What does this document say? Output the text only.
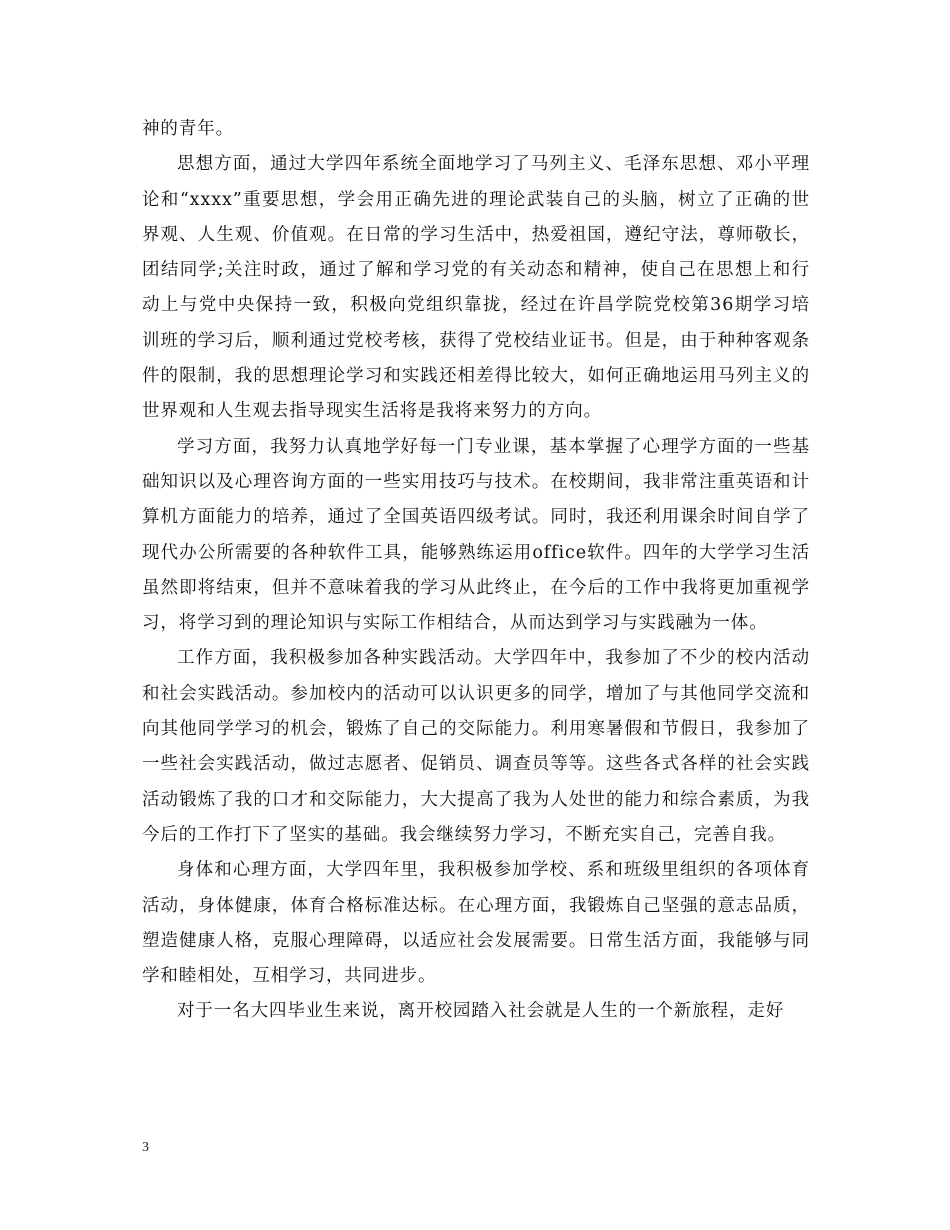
神的青年。

思想方面，通过大学四年系统全面地学习了马列主义、毛泽东思想、邓小平理论和“xxxx”重要思想，学会用正确先进的理论武装自己的头脑，树立了正确的世界观、人生观、价值观。在日常的学习生活中，热爱祖国，遵纪守法，尊师敬长，团结同学;关注时政，通过了解和学习党的有关动态和精神，使自己在思想上和行动上与党中央保持一致，积极向党组织靠拢，经过在许昌学院党校第36期学习培训班的学习后，顺利通过党校考核，获得了党校结业证书。但是，由于种种客观条件的限制，我的思想理论学习和实践还相差得比较大，如何正确地运用马列主义的世界观和人生观去指导现实生活将是我将来努力的方向。

学习方面，我努力认真地学好每一门专业课，基本掌握了心理学方面的一些基础知识以及心理咨询方面的一些实用技巧与技术。在校期间，我非常注重英语和计算机方面能力的培养，通过了全国英语四级考试。同时，我还利用课余时间自学了现代办公所需要的各种软件工具，能够熟练运用office软件。四年的大学学习生活虽然即将结束，但并不意味着我的学习从此终止，在今后的工作中我将更加重视学习，将学习到的理论知识与实际工作相结合，从而达到学习与实践融为一体。

工作方面，我积极参加各种实践活动。大学四年中，我参加了不少的校内活动和社会实践活动。参加校内的活动可以认识更多的同学，增加了与其他同学交流和向其他同学学习的机会，锻炼了自己的交际能力。利用寒暑假和节假日，我参加了一些社会实践活动，做过志愿者、促销员、调查员等等。这些各式各样的社会实践活动锻炼了我的口才和交际能力，大大提高了我为人处世的能力和综合素质，为我今后的工作打下了坚实的基础。我会继续努力学习，不断充实自己，完善自我。

身体和心理方面，大学四年里，我积极参加学校、系和班级里组织的各项体育活动，身体健康，体育合格标准达标。在心理方面，我锻炼自己坚强的意志品质，塑造健康人格，克服心理障碍，以适应社会发展需要。日常生活方面，我能够与同学和睦相处，互相学习，共同进步。

对于一名大四毕业生来说，离开校园踏入社会就是人生的一个新旅程，走好

3
